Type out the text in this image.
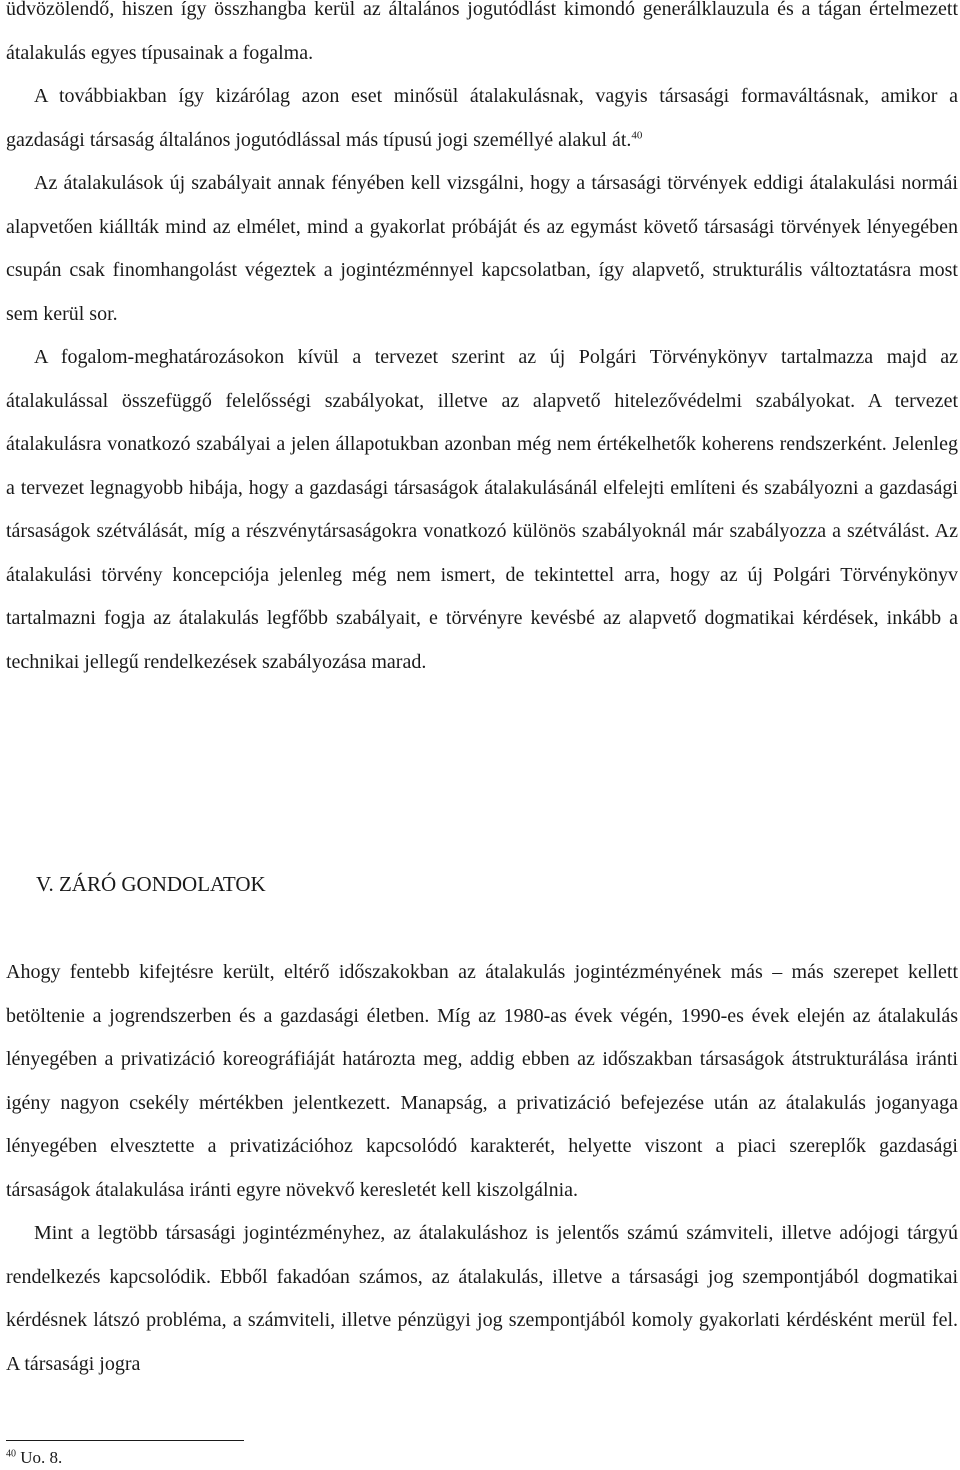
üdvözölendő, hiszen így összhangba kerül az általános jogutódlást kimondó generálklauzula és a tágan értelmezett átalakulás egyes típusainak a fogalma.

A továbbiakban így kizárólag azon eset minősül átalakulásnak, vagyis társasági formaváltásnak, amikor a gazdasági társaság általános jogutódlással más típusú jogi személlyé alakul át.$^{40}$

Az átalakulások új szabályait annak fényében kell vizsgálni, hogy a társasági törvények eddigi átalakulási normái alapvetően kiállták mind az elmélet, mind a gyakorlat próbáját és az egymást követő társasági törvények lényegében csupán csak finomhangolást végeztek a jogintézménnyel kapcsolatban, így alapvető, strukturális változtatásra most sem kerül sor.

A fogalom-meghatározásokon kívül a tervezet szerint az új Polgári Törvénykönyv tartalmazza majd az átalakulással összefüggő felelősségi szabályokat, illetve az alapvető hitelezővédelmi szabályokat. A tervezet átalakulásra vonatkozó szabályai a jelen állapotukban azonban még nem értékelhetők koherens rendszerként. Jelenleg a tervezet legnagyobb hibája, hogy a gazdasági társaságok átalakulásánál elfelejti említeni és szabályozni a gazdasági társaságok szétválását, míg a részvénytársaságokra vonatkozó különös szabályoknál már szabályozza a szétválást. Az átalakulási törvény koncepciója jelenleg még nem ismert, de tekintettel arra, hogy az új Polgári Törvénykönyv tartalmazni fogja az átalakulás legfőbb szabályait, e törvényre kevésbé az alapvető dogmatikai kérdések, inkább a technikai jellegű rendelkezések szabályozása marad.

V. ZÁRÓ GONDOLATOK

Ahogy fentebb kifejtésre került, eltérő időszakokban az átalakulás jogintézményének más – más szerepet kellett betöltenie a jogrendszerben és a gazdasági életben. Míg az 1980-as évek végén, 1990-es évek elején az átalakulás lényegében a privatizáció koreográfiáját határozta meg, addig ebben az időszakban társaságok átstrukturálása iránti igény nagyon csekély mértékben jelentkezett. Manapság, a privatizáció befejezése után az átalakulás joganyaga lényegében elvesztette a privatizációhoz kapcsolódó karakterét, helyette viszont a piaci szereplők gazdasági társaságok átalakulása iránti egyre növekvő keresletét kell kiszolgálnia.

Mint a legtöbb társasági jogintézményhez, az átalakuláshoz is jelentős számú számviteli, illetve adójogi tárgyú rendelkezés kapcsolódik. Ebből fakadóan számos, az átalakulás, illetve a társasági jog szempontjából dogmatikai kérdésnek látszó probléma, a számviteli, illetve pénzügyi jog szempontjából komoly gyakorlati kérdésként merül fel. A társasági jogra

$^{40}$ Uo. 8.
